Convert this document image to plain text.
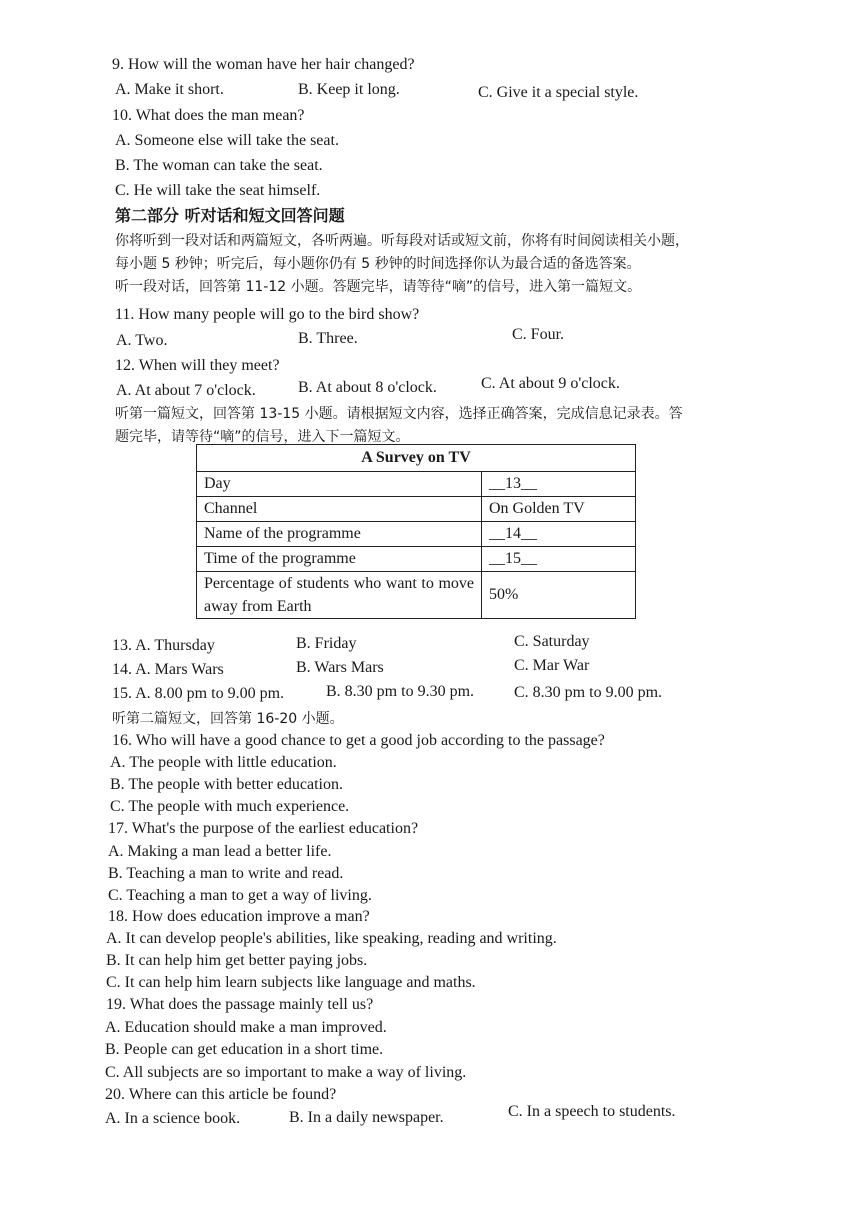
9. How will the woman have her hair changed?
A. Make it short.	B. Keep it long.	C. Give it a special style.
10. What does the man mean?
A. Someone else will take the seat.
B. The woman can take the seat.
C. He will take the seat himself.
第二部分 听对话和短文回答问题
你将听到一段对话和两篇短文，各听两遍。听每段对话或短文前，你将有时间阅读相关小题，
每小题 5 秒钟；听完后，每小题你仍有 5 秒钟的时间选择你认为最合适的备选答案。
听一段对话，回答第 11-12 小题。答题完毕，请等待“嘀”的信号，进入第一篇短文。
11. How many people will go to the bird show?
A. Two.	B. Three.	C. Four.
12. When will they meet?
A. At about 7 o'clock.	B. At about 8 o'clock.	C. At about 9 o'clock.
听第一篇短文，回答第 13-15 小题。请根据短文内容，选择正确答案，完成信息记录表。答
题完毕，请等待“嘀”的信号，进入下一篇短文。
A Survey on TV	
Day	__13__
Channel	On Golden TV
Name of the programme	__14__
Time of the programme	__15__
Percentage of students who want to move away from Earth	50%
13. A. Thursday	B. Friday	C. Saturday
14. A. Mars Wars	B. Wars Mars	C. Mar War
15. A. 8.00 pm to 9.00 pm.	B. 8.30 pm to 9.30 pm. C. 8.30 pm to 9.00 pm.
听第二篇短文，回答第 16-20 小题。
16. Who will have a good chance to get a good job according to the passage?
A. The people with little education.
B. The people with better education.
C. The people with much experience.
17. What's the purpose of the earliest education?
A. Making a man lead a better life.
B. Teaching a man to write and read.
C. Teaching a man to get a way of living.
18. How does education improve a man?
A. It can develop people's abilities, like speaking, reading and writing.
B. It can help him get better paying jobs.
C. It can help him learn subjects like language and maths.
19. What does the passage mainly tell us?
A. Education should make a man improved.
B. People can get education in a short time.
C. All subjects are so important to make a way of living.
20. Where can this article be found?
A. In a science book.	B. In a daily newspaper.	C. In a speech to students.
